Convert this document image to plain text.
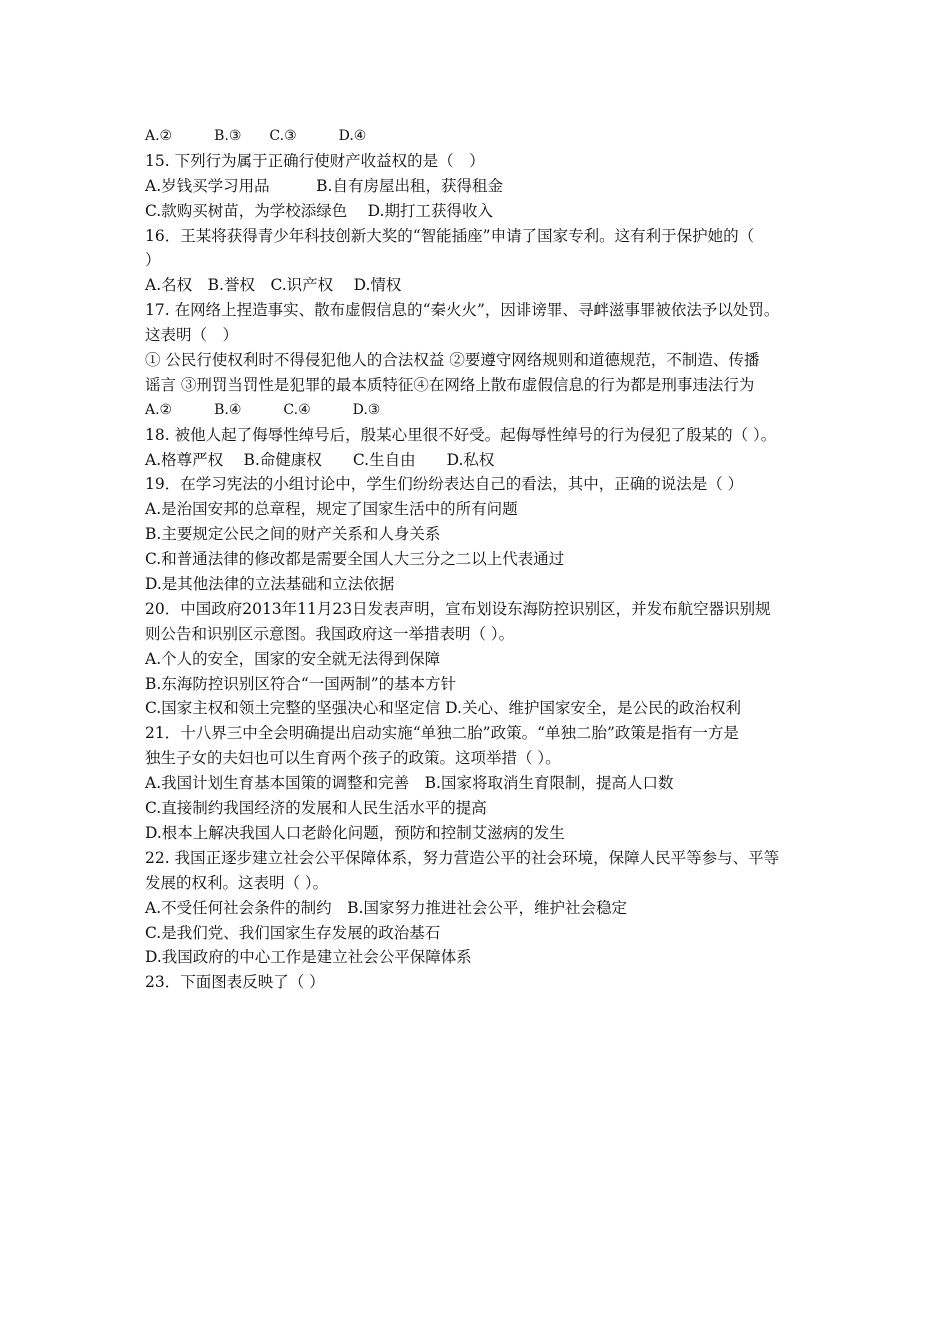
A.②　　　B.③　　C.③　　　D.④
15. 下列行为属于正确行使财产收益权的是（　）
A.岁钱买学习用品　　　B.自有房屋出租，获得租金
C.款购买树苗，为学校添绿色　 D.期打工获得收入
16．王某将获得青少年科技创新大奖的“智能插座”申请了国家专利。这有利于保护她的（
）
A.名权　B.誉权　C.识产权　 D.情权
17. 在网络上捏造事实、散布虚假信息的“秦火火”，因诽谤罪、寻衅滋事罪被依法予以处罚。
这表明（　）
① 公民行使权利时不得侵犯他人的合法权益 ②要遵守网络规则和道德规范，不制造、传播
谣言 ③刑罚当罚性是犯罪的最本质特征④在网络上散布虚假信息的行为都是刑事违法行为
A.②　　　B.④　　　C.④　　　D.③
18. 被他人起了侮辱性绰号后，殷某心里很不好受。起侮辱性绰号的行为侵犯了殷某的（ ）。
A.格尊严权　 B.命健康权　　C.生自由　　D.私权
19．在学习宪法的小组讨论中，学生们纷纷表达自己的看法，其中，正确的说法是（ ）
A.是治国安邦的总章程，规定了国家生活中的所有问题
B.主要规定公民之间的财产关系和人身关系
C.和普通法律的修改都是需要全国人大三分之二以上代表通过
D.是其他法律的立法基础和立法依据
20．中国政府2013年11月23日发表声明，宣布划设东海防控识别区，并发布航空器识别规
则公告和识别区示意图。我国政府这一举措表明（ ）。
A.个人的安全，国家的安全就无法得到保障
B.东海防控识别区符合“一国两制”的基本方针
C.国家主权和领土完整的坚强决心和坚定信 D.关心、维护国家安全，是公民的政治权利
21．十八界三中全会明确提出启动实施“单独二胎”政策。“单独二胎”政策是指有一方是
独生子女的夫妇也可以生育两个孩子的政策。这项举措（ ）。
A.我国计划生育基本国策的调整和完善　B.国家将取消生育限制，提高人口数
C.直接制约我国经济的发展和人民生活水平的提高
D.根本上解决我国人口老龄化问题，预防和控制艾滋病的发生
22. 我国正逐步建立社会公平保障体系，努力营造公平的社会环境，保障人民平等参与、平等
发展的权利。这表明（ ）。
A.不受任何社会条件的制约　B.国家努力推进社会公平，维护社会稳定
C.是我们党、我们国家生存发展的政治基石
D.我国政府的中心工作是建立社会公平保障体系
23．下面图表反映了（ ）
